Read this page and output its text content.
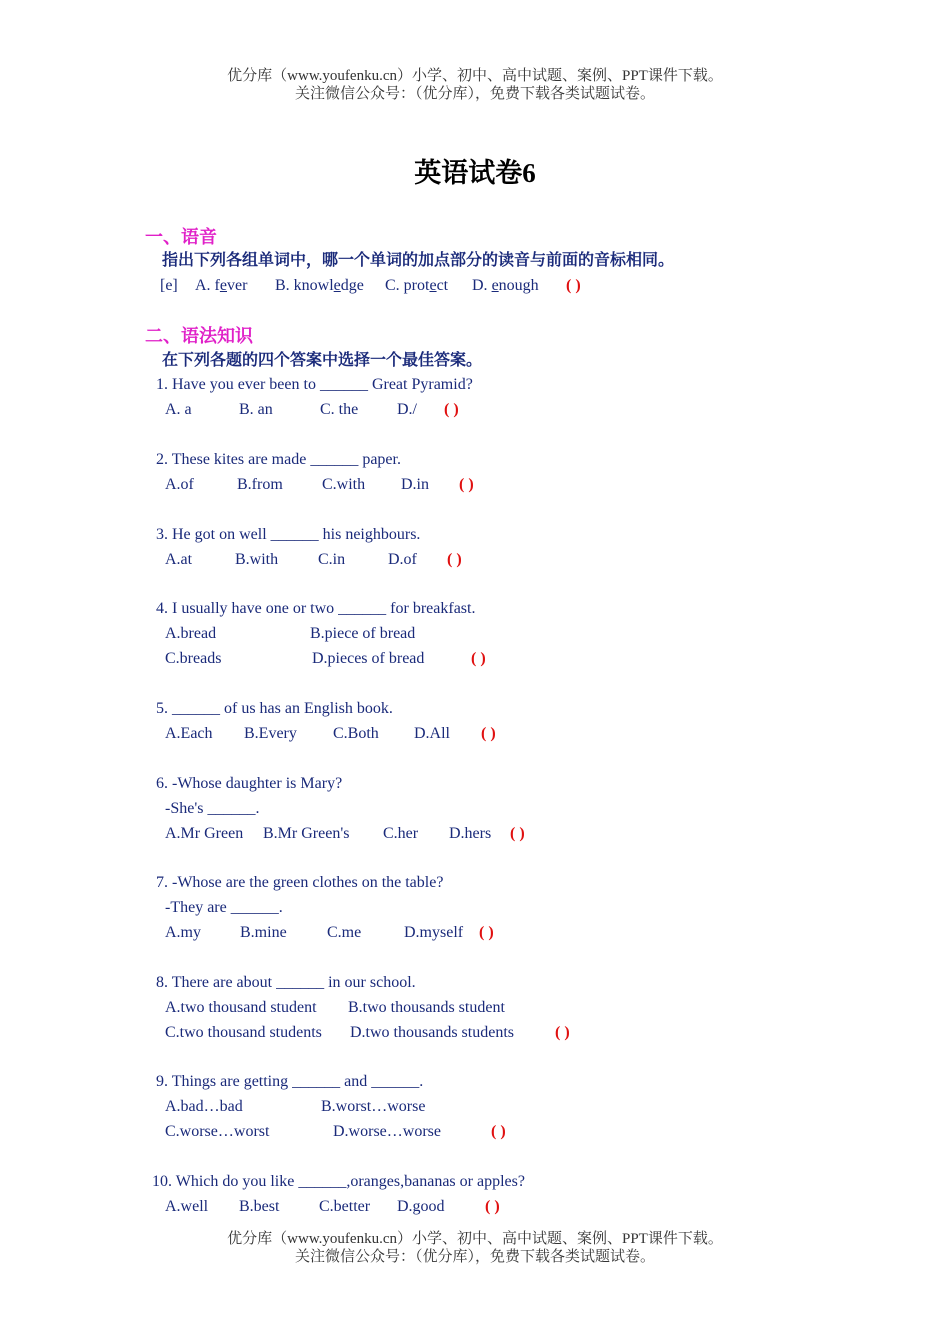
优分库（www.youfenku.cn）小学、初中、高中试题、案例、PPT课件下载。
关注微信公众号：（优分库），免费下载各类试题试卷。
英语试卷6
一、语音
指出下列各组单词中，哪一个单词的加点部分的读音与前面的音标相同。
[e] A. fever B. knowledge C. protect D. enough ( )
二、语法知识
在下列各题的四个答案中选择一个最佳答案。
1. Have you ever been to ______ Great Pyramid?
A. a	B. an	C. the D./ ( )
2. These kites are made ______ paper.
A.of	B.from C.with D.in ( )
3. He got on well ______ his neighbours.
A.at	B.with C.in	D.of ( )
4. I usually have one or two ______ for breakfast.
A.bread	B.piece of bread
C.breads	D.pieces of bread	( )
5. ______ of us has an English book.
A.Each B.Every C.Both D.All ( )
6. -Whose daughter is Mary?
-She's ______.
A.Mr Green B.Mr Green's C.her D.hers ( )
7. -Whose are the green clothes on the table?
-They are ______.
A.my B.mine	C.me	D.myself ( )
8. There are about ______ in our school.
A.two thousand student B.two thousands student
C.two thousand students D.two thousands students	( )
9. Things are getting ______ and ______.
A.bad…bad	B.worst…worse
C.worse…worst	D.worse…worse	( )
10. Which do you like ______,oranges,bananas or apples?
A.well B.best C.better D.good	( )
优分库（www.youfenku.cn）小学、初中、高中试题、案例、PPT课件下载。
关注微信公众号：（优分库），免费下载各类试题试卷。
